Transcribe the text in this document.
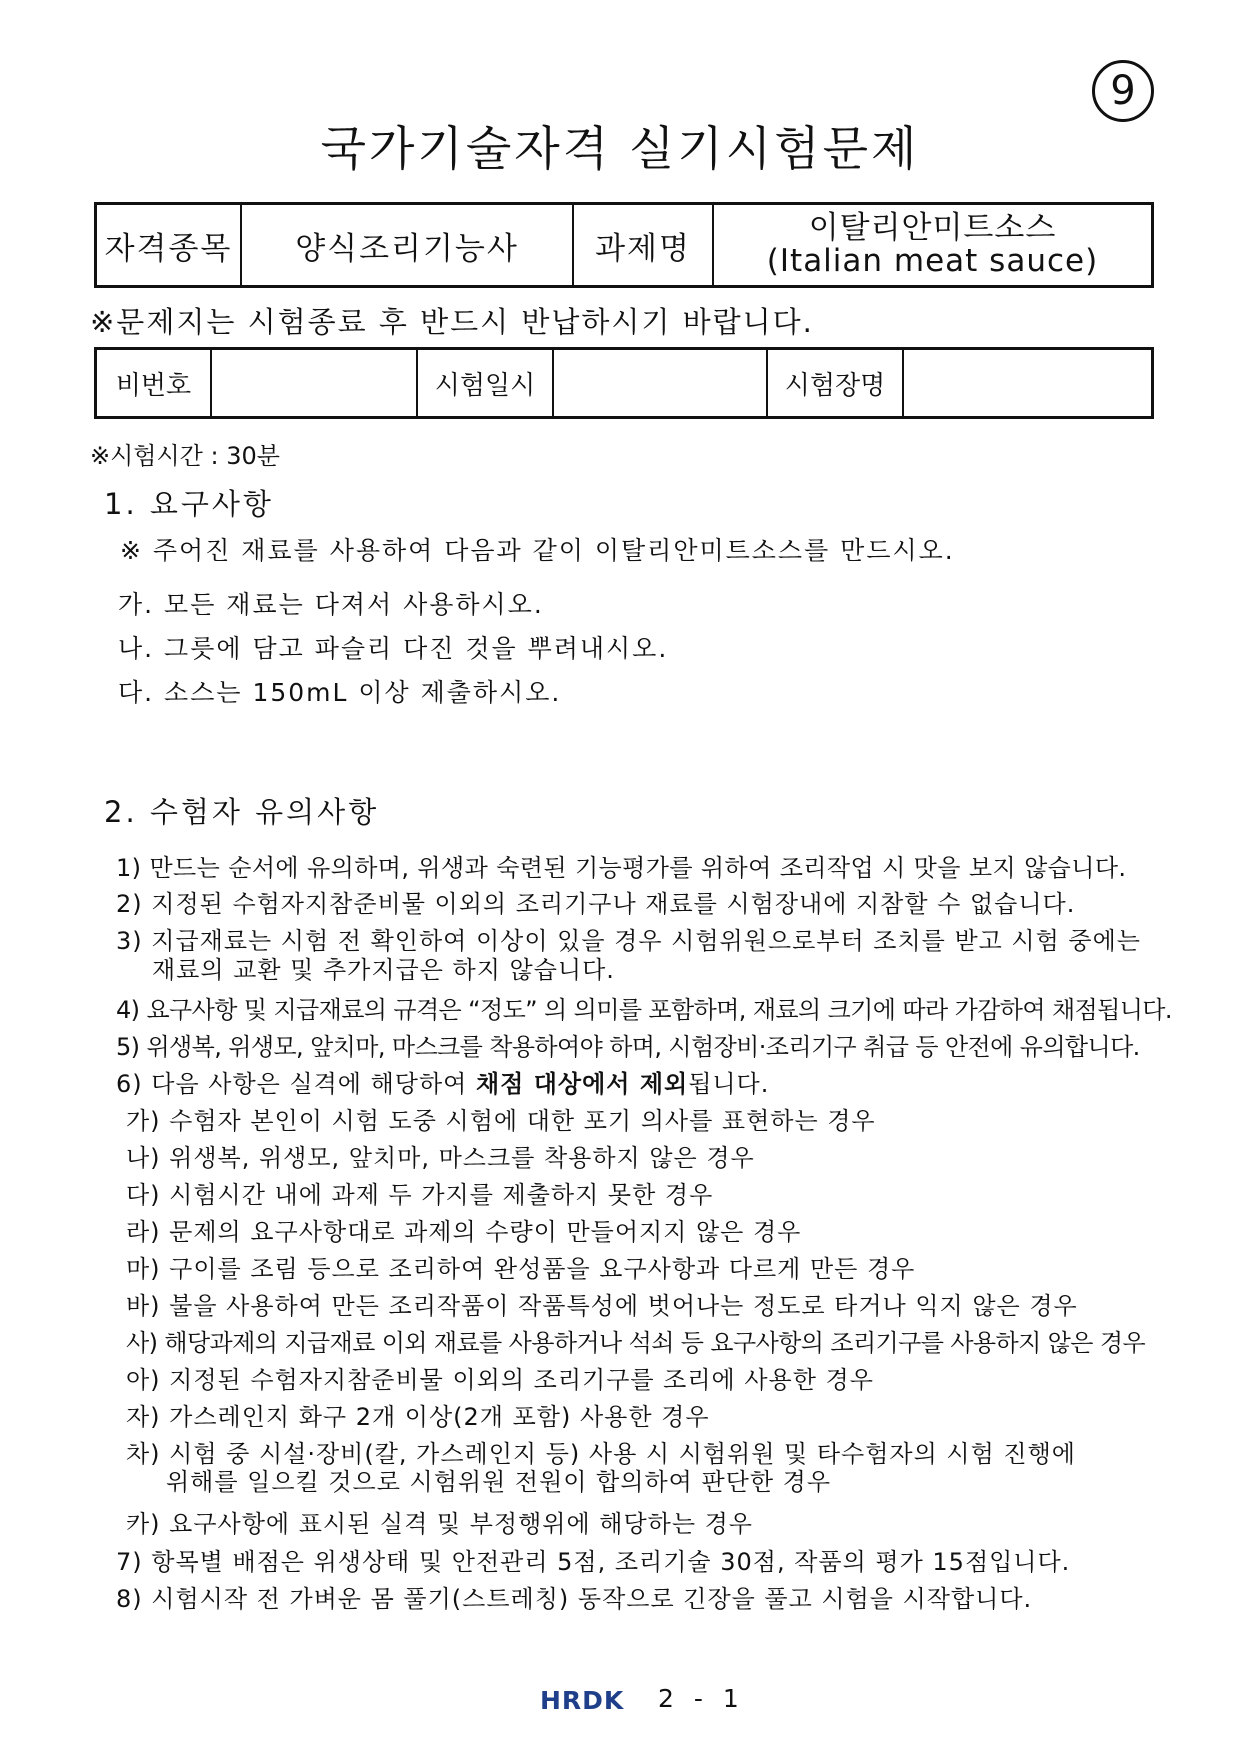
9
국가기술자격 실기시험문제
자격종목	양식조리기능사	과제명	
이탈리안미트소스
(Italian meat sauce)
※문제지는 시험종료 후 반드시 반납하시기 바랍니다.
비번호		시험일시		시험장명	
※시험시간 : 30분
1. 요구사항
※ 주어진 재료를 사용하여 다음과 같이 이탈리안미트소스를 만드시오.
가. 모든 재료는 다져서 사용하시오.
나. 그릇에 담고 파슬리 다진 것을 뿌려내시오.
다. 소스는 150mL 이상 제출하시오.
2. 수험자 유의사항
1) 만드는 순서에 유의하며, 위생과 숙련된 기능평가를 위하여 조리작업 시 맛을 보지 않습니다.
2) 지정된 수험자지참준비물 이외의 조리기구나 재료를 시험장내에 지참할 수 없습니다.
3) 지급재료는 시험 전 확인하여 이상이 있을 경우 시험위원으로부터 조치를 받고 시험 중에는
재료의 교환 및 추가지급은 하지 않습니다.
4) 요구사항 및 지급재료의 규격은 “정도” 의 의미를 포함하며, 재료의 크기에 따라 가감하여 채점됩니다.
5) 위생복, 위생모, 앞치마, 마스크를 착용하여야 하며, 시험장비·조리기구 취급 등 안전에 유의합니다.
6) 다음 사항은 실격에 해당하여 채점 대상에서 제외됩니다.
가) 수험자 본인이 시험 도중 시험에 대한 포기 의사를 표현하는 경우
나) 위생복, 위생모, 앞치마, 마스크를 착용하지 않은 경우
다) 시험시간 내에 과제 두 가지를 제출하지 못한 경우
라) 문제의 요구사항대로 과제의 수량이 만들어지지 않은 경우
마) 구이를 조림 등으로 조리하여 완성품을 요구사항과 다르게 만든 경우
바) 불을 사용하여 만든 조리작품이 작품특성에 벗어나는 정도로 타거나 익지 않은 경우
사) 해당과제의 지급재료 이외 재료를 사용하거나 석쇠 등 요구사항의 조리기구를 사용하지 않은 경우
아) 지정된 수험자지참준비물 이외의 조리기구를 조리에 사용한 경우
자) 가스레인지 화구 2개 이상(2개 포함) 사용한 경우
차) 시험 중 시설·장비(칼, 가스레인지 등) 사용 시 시험위원 및 타수험자의 시험 진행에
위해를 일으킬 것으로 시험위원 전원이 합의하여 판단한 경우
카) 요구사항에 표시된 실격 및 부정행위에 해당하는 경우
7) 항목별 배점은 위생상태 및 안전관리 5점, 조리기술 30점, 작품의 평가 15점입니다.
8) 시험시작 전 가벼운 몸 풀기(스트레칭) 동작으로 긴장을 풀고 시험을 시작합니다.
HRDK 2 - 1
